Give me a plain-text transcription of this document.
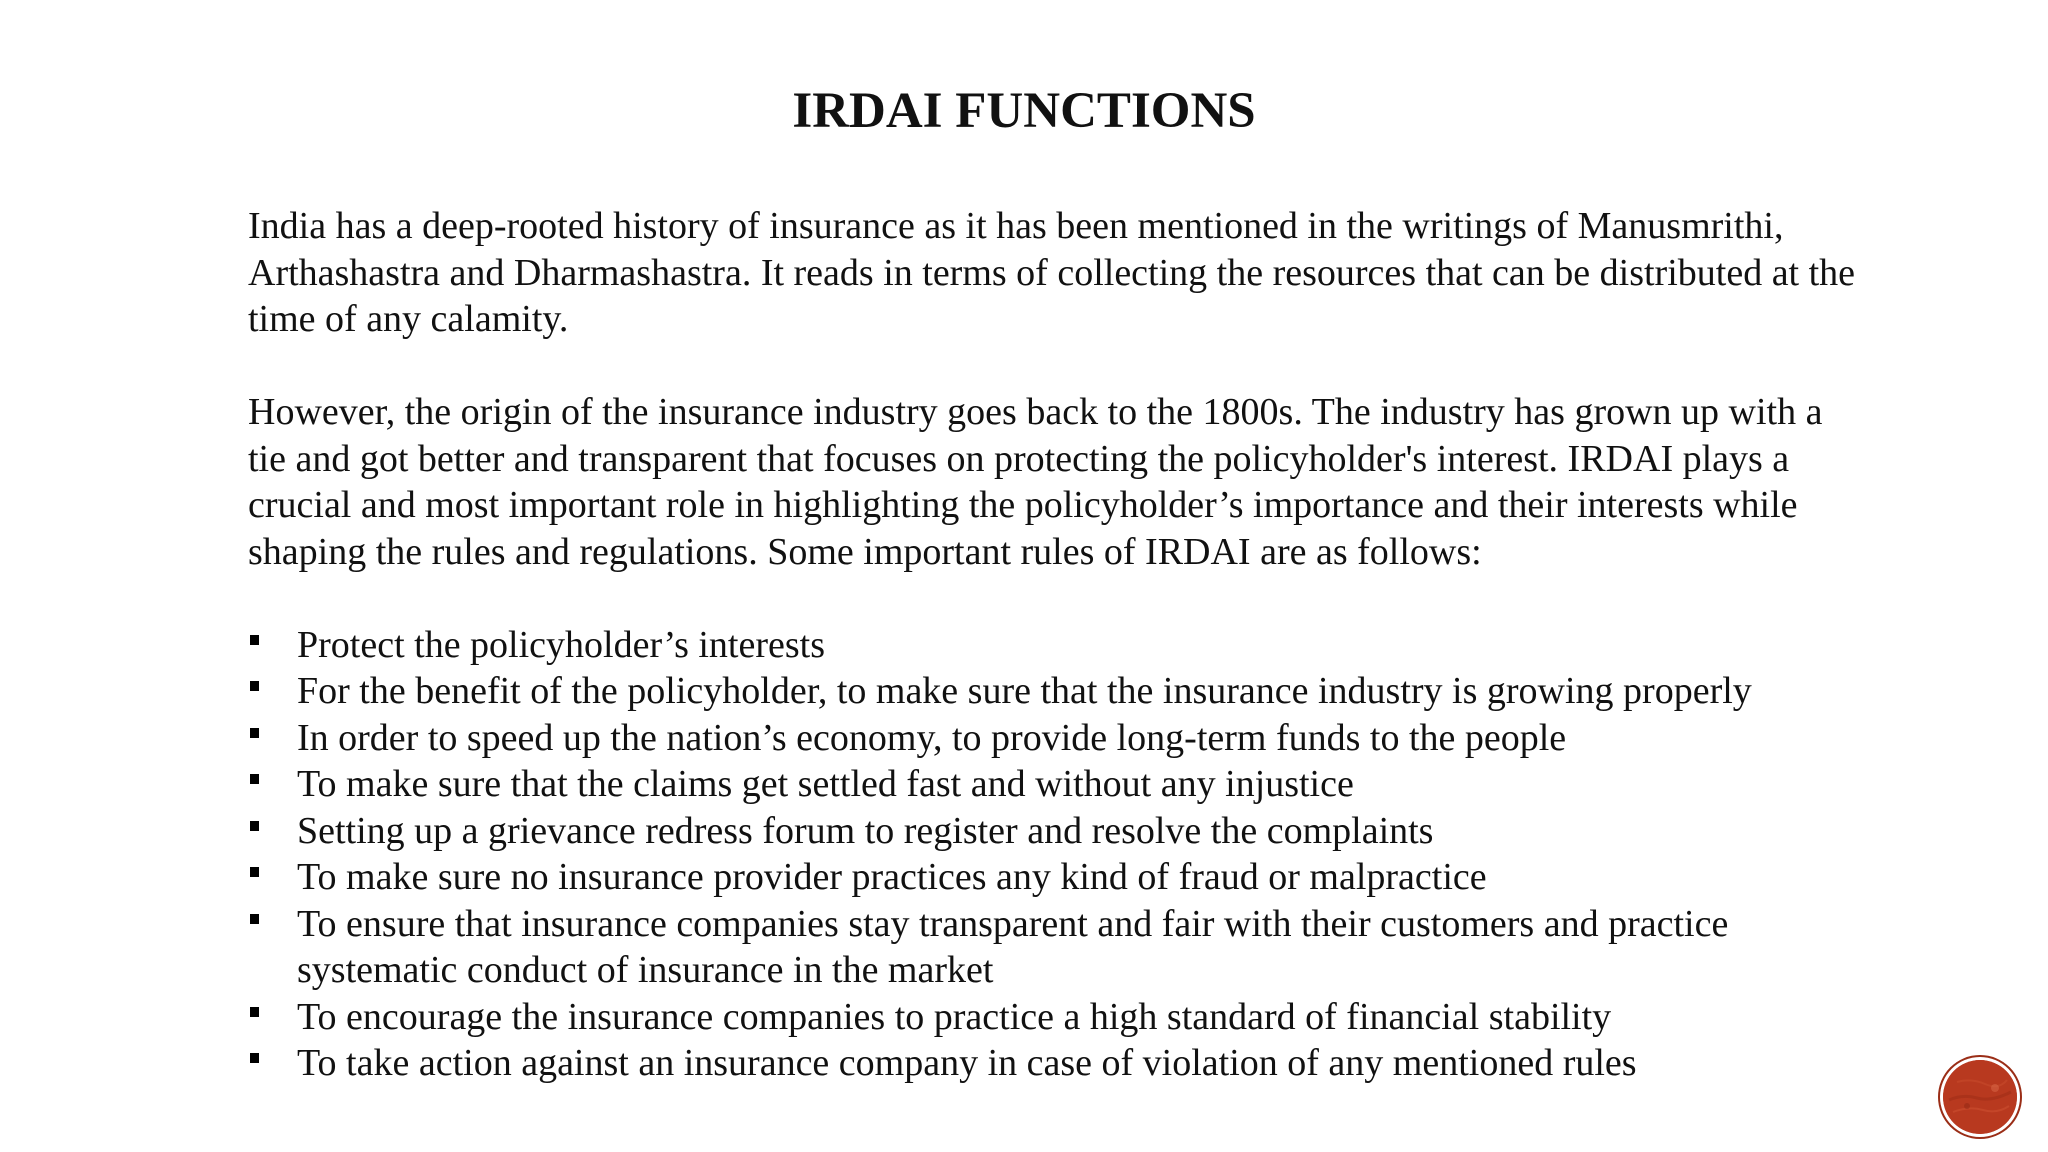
IRDAI FUNCTIONS

India has a deep-rooted history of insurance as it has been mentioned in the writings of Manusmrithi, Arthashastra and Dharmashastra. It reads in terms of collecting the resources that can be distributed at the time of any calamity.

However, the origin of the insurance industry goes back to the 1800s. The industry has grown up with a tie and got better and transparent that focuses on protecting the policyholder's interest. IRDAI plays a crucial and most important role in highlighting the policyholder’s importance and their interests while shaping the rules and regulations. Some important rules of IRDAI are as follows:

Protect the policyholder’s interests
For the benefit of the policyholder, to make sure that the insurance industry is growing properly
In order to speed up the nation’s economy, to provide long-term funds to the people
To make sure that the claims get settled fast and without any injustice
Setting up a grievance redress forum to register and resolve the complaints
To make sure no insurance provider practices any kind of fraud or malpractice
To ensure that insurance companies stay transparent and fair with their customers and practice systematic conduct of insurance in the market
To encourage the insurance companies to practice a high standard of financial stability
To take action against an insurance company in case of violation of any mentioned rules
